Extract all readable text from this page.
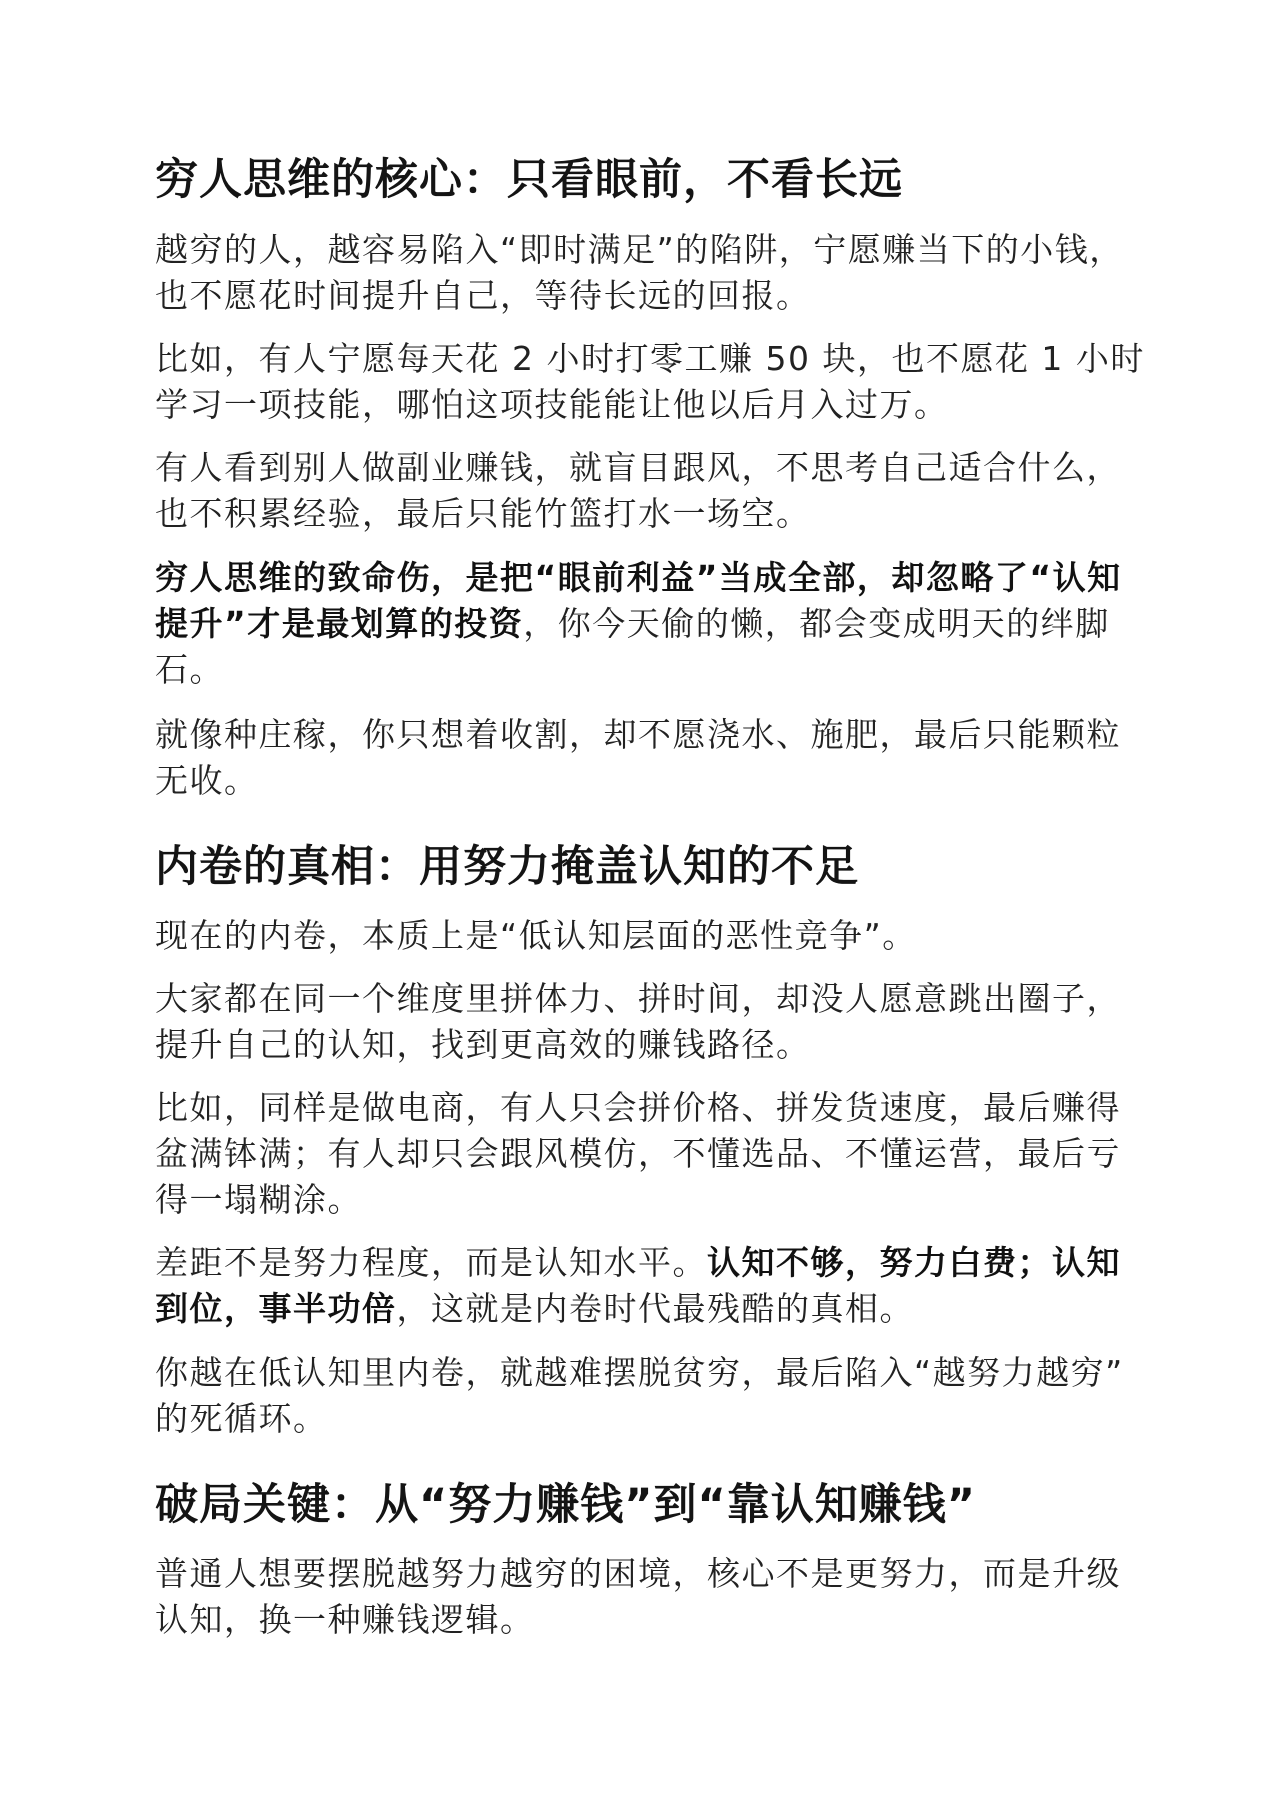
穷人思维的核心：只看眼前，不看长远
越穷的人，越容易陷入“即时满足”的陷阱，宁愿赚当下的小钱，
也不愿花时间提升自己，等待长远的回报。
比如，有人宁愿每天花 2 小时打零工赚 50 块，也不愿花 1 小时
学习一项技能，哪怕这项技能能让他以后月入过万。
有人看到别人做副业赚钱，就盲目跟风，不思考自己适合什么，
也不积累经验，最后只能竹篮打水一场空。
穷人思维的致命伤，是把“眼前利益”当成全部，却忽略了“认知
提升”才是最划算的投资，你今天偷的懒，都会变成明天的绊脚
石。
就像种庄稼，你只想着收割，却不愿浇水、施肥，最后只能颗粒
无收。
内卷的真相：用努力掩盖认知的不足
现在的内卷，本质上是“低认知层面的恶性竞争”。
大家都在同一个维度里拼体力、拼时间，却没人愿意跳出圈子，
提升自己的认知，找到更高效的赚钱路径。
比如，同样是做电商，有人只会拼价格、拼发货速度，最后赚得
盆满钵满；有人却只会跟风模仿，不懂选品、不懂运营，最后亏
得一塌糊涂。
差距不是努力程度，而是认知水平。认知不够，努力白费；认知
到位，事半功倍，这就是内卷时代最残酷的真相。
你越在低认知里内卷，就越难摆脱贫穷，最后陷入“越努力越穷”
的死循环。
破局关键：从“努力赚钱”到“靠认知赚钱”
普通人想要摆脱越努力越穷的困境，核心不是更努力，而是升级
认知，换一种赚钱逻辑。
